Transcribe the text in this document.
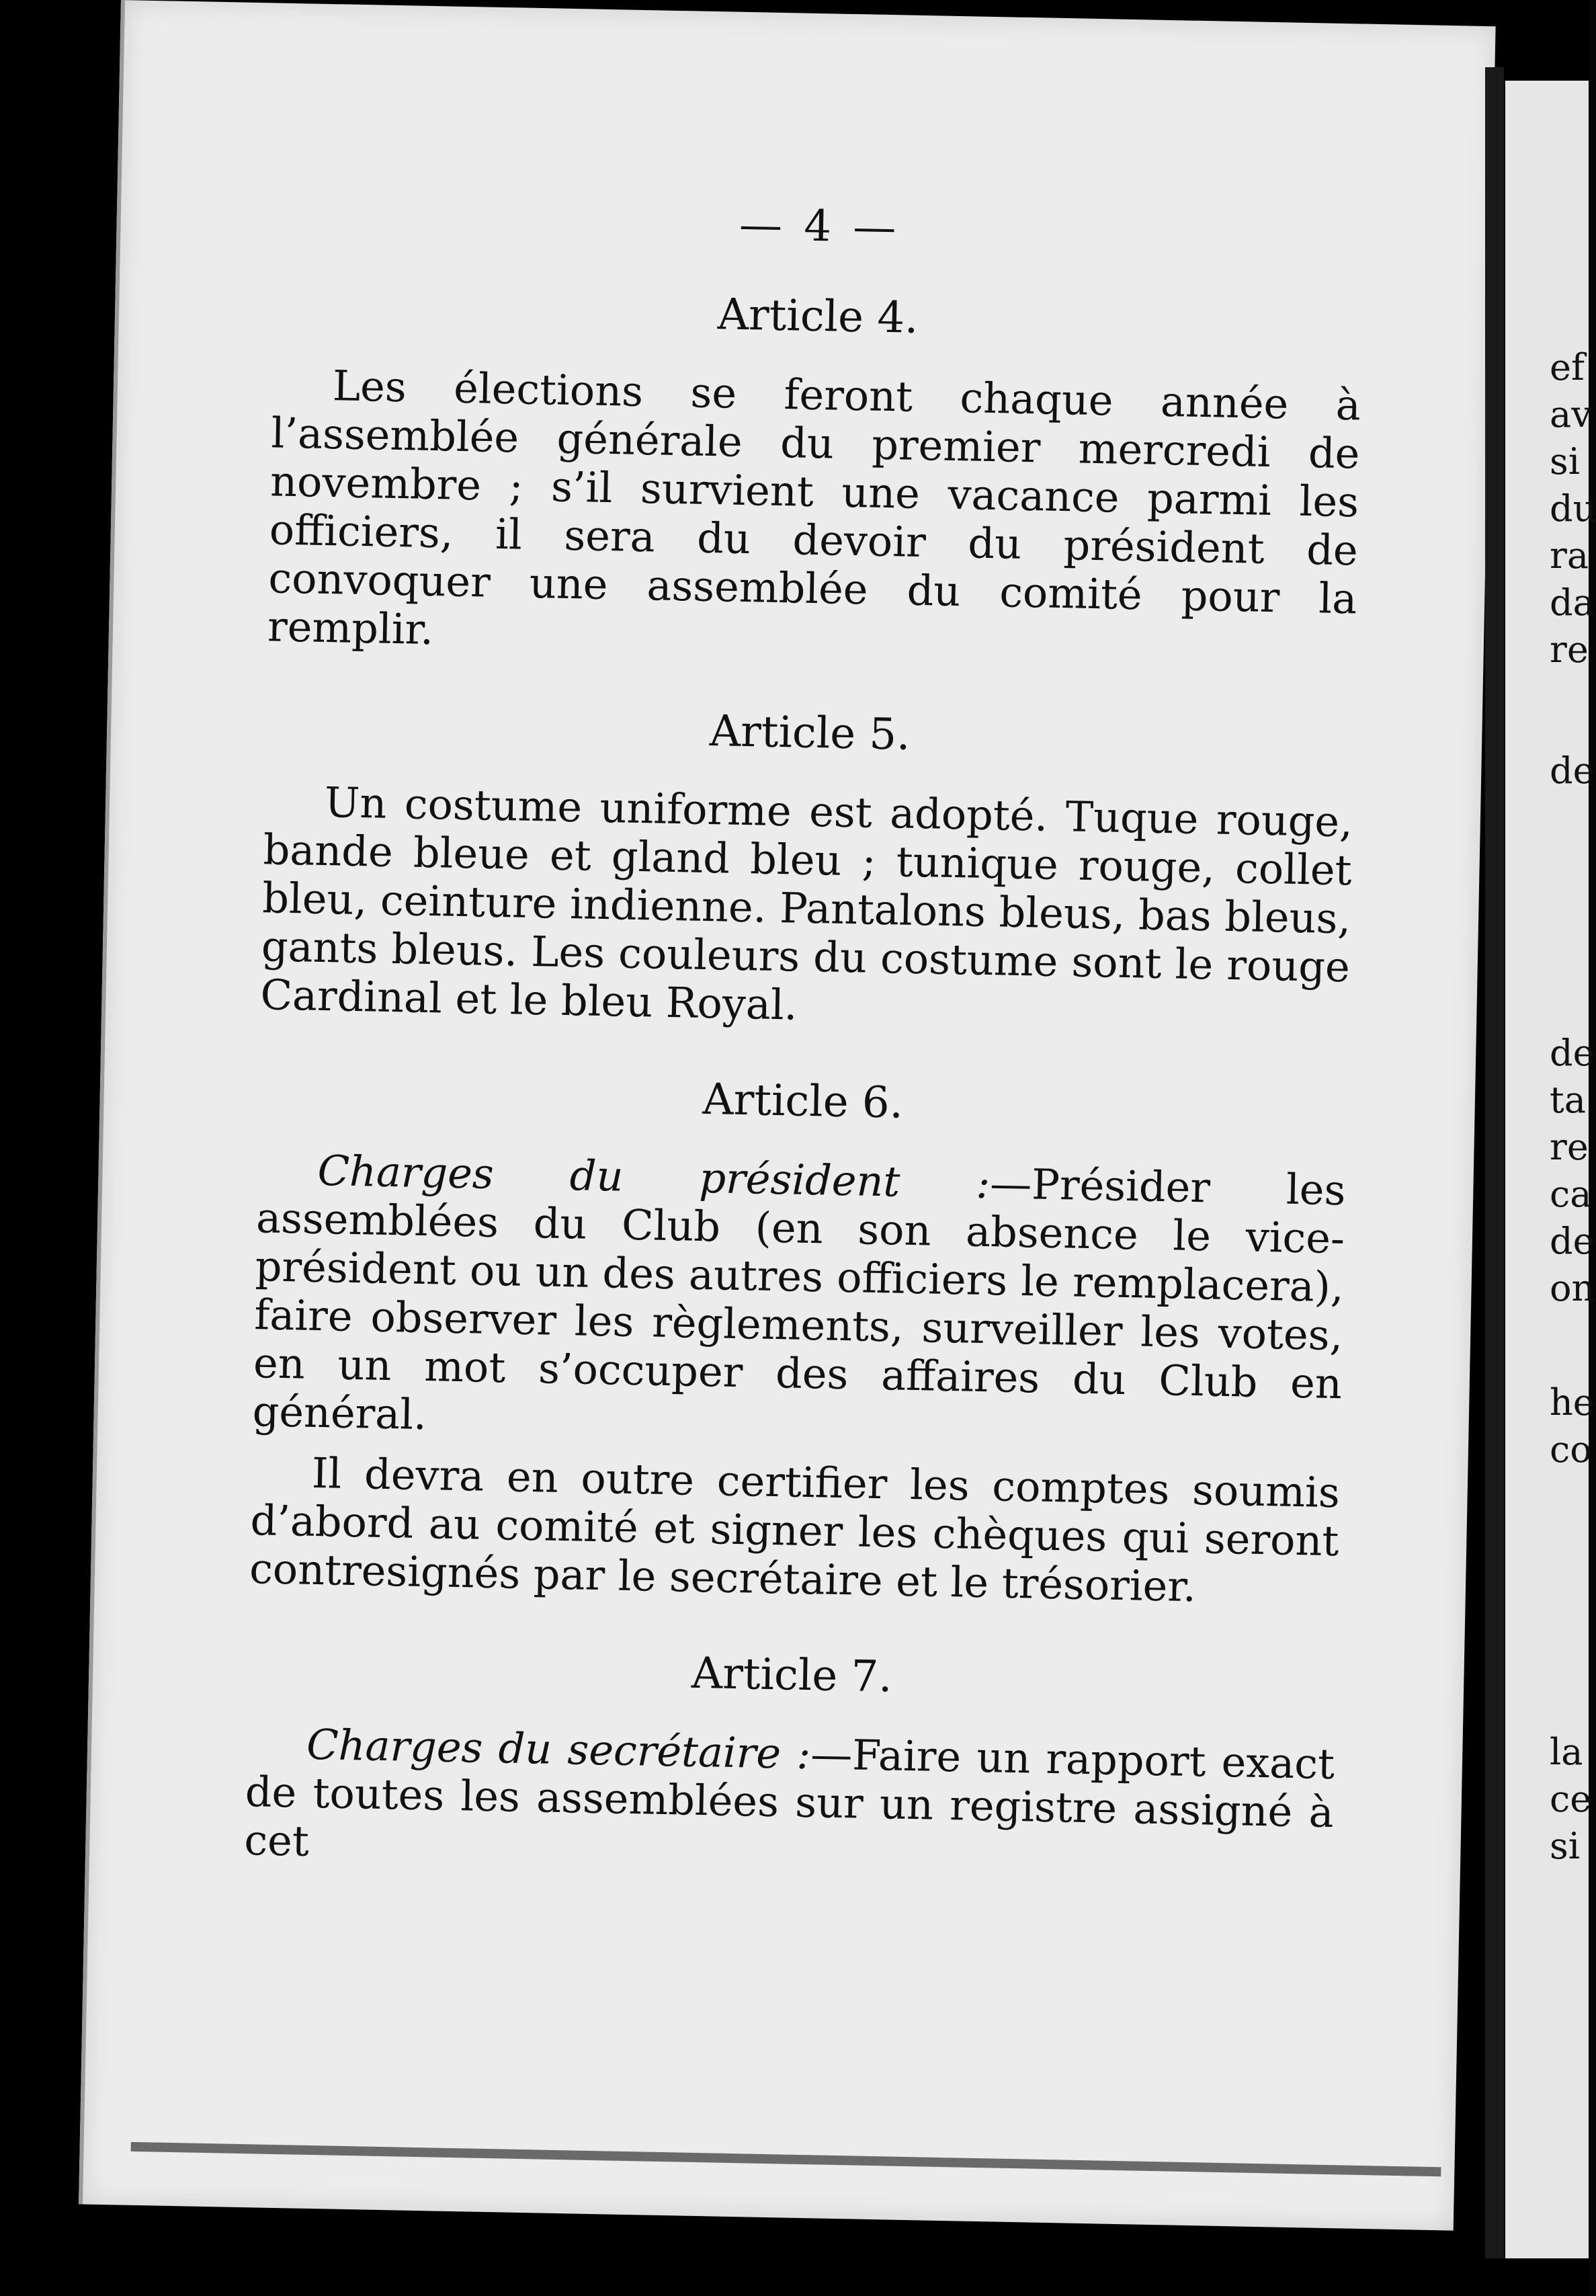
— 4 —
Article 4.

Les élections se feront chaque année à l’assemblée générale du premier mercredi de novembre ; s’il survient une vacance parmi les officiers, il sera du devoir du président de convoquer une assemblée du comité pour la remplir.

Article 5.

Un costume uniforme est adopté. Tuque rouge, bande bleue et gland bleu ; tunique rouge, collet bleu, ceinture indienne. Pantalons bleus, bas bleus, gants bleus. Les couleurs du costume sont le rouge Cardinal et le bleu Royal.

Article 6.

Charges du président :—Présider les assemblées du Club (en son absence le vice-président ou un des autres officiers le remplacera), faire observer les règlements, surveiller les votes, en un mot s’occuper des affaires du Club en général.

Il devra en outre certifier les comptes soumis d’abord au comité et signer les chèques qui seront contresignés par le secrétaire et le trésorier.

Article 7.

Charges du secrétaire :—Faire un rapport exact de toutes les assemblées sur un registre assigné à cet

ef
av
si
du
ra
da
re
de
de
ta
re
ca
de
on
he
co
la
ce
si
